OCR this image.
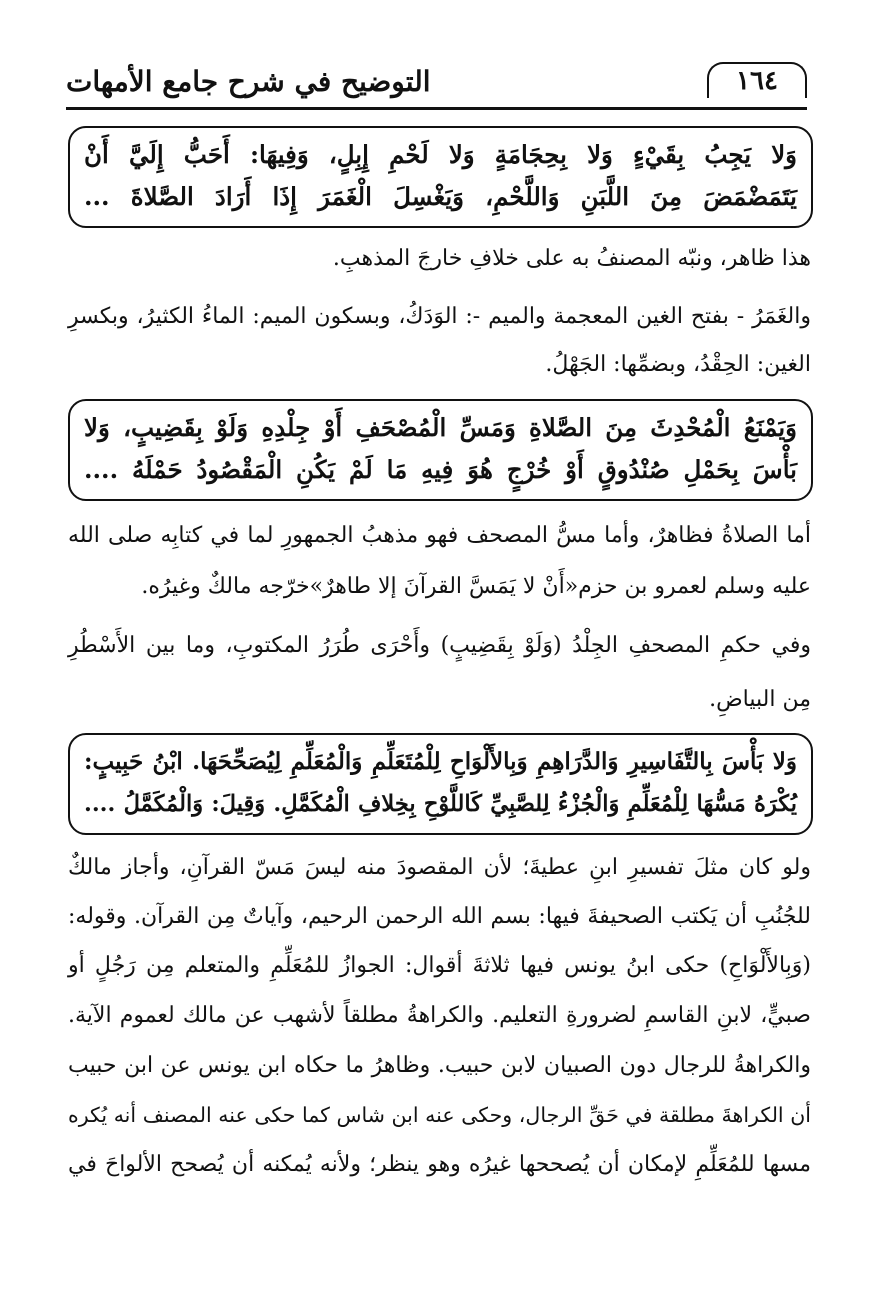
١٦٤
التوضيح في شرح جامع الأمهات

وَلا يَجِبُ بِقَيْءٍ وَلا بِحِجَامَةٍ وَلا لَحْمِ إِبِلٍ، وَفِيهَا: أَحَبُّ إِلَيَّ أَنْ

يَتَمَضْمَضَ مِنَ اللَّبَنِ وَاللَّحْمِ، وَيَغْسِلَ الْغَمَرَ إِذَا أَرَادَ الصَّلاةَ ...

هذا ظاهر، ونبّه المصنفُ به على خلافِ خارجَ المذهبِ.

والغَمَرُ - بفتح الغين المعجمة والميم -: الوَدَكُ، وبسكون الميم: الماءُ الكثيرُ، وبكسرِ

الغين: الحِقْدُ، وبضمِّها: الجَهْلُ.

وَيَمْنَعُ الْمُحْدِثَ مِنَ الصَّلاةِ وَمَسِّ الْمُصْحَفِ أَوْ جِلْدِهِ وَلَوْ بِقَضِيبٍ، وَلا

بَأْسَ بِحَمْلِ صُنْدُوقٍ أَوْ خُرْجٍ هُوَ فِيهِ مَا لَمْ يَكُنِ الْمَقْصُودُ حَمْلَهُ ....

أما الصلاةُ فظاهرٌ، وأما مسُّ المصحف فهو مذهبُ الجمهورِ لما في كتابِه صلى الله

عليه وسلم لعمرو بن حزم«أَنْ لا يَمَسَّ القرآنَ إلا طاهرٌ»خرّجه مالكٌ وغيرُه.

وفي حكمِ المصحفِ الجِلْدُ (وَلَوْ بِقَضِيبٍ) وأَحْرَى طُرَرُ المكتوبِ، وما بين الأَسْطُرِ

مِن البياضِ.

وَلا بَأْسَ بِالتَّفَاسِيرِ وَالدَّرَاهِمِ وَبِالأَلْوَاحِ لِلْمُتَعَلِّمِ وَالْمُعَلِّمِ لِيُصَحِّحَهَا. ابْنُ حَبِيبٍ:

يُكْرَهُ مَسُّهَا لِلْمُعَلِّمِ وَالْجُزْءُ لِلصَّبِيِّ كَاللَّوْحِ بِخِلافِ الْمُكَمَّلِ. وَقِيلَ: وَالْمُكَمَّلُ ....

ولو كان مثلَ تفسيرِ ابنِ عطيةَ؛ لأن المقصودَ منه ليسَ مَسّ القرآنِ، وأجاز مالكٌ

للجُنُبِ أن يَكتب الصحيفةَ فيها: بسم الله الرحمن الرحيم، وآياتٌ مِن القرآن. وقوله:

(وَبِالأَلْوَاحِ) حكى ابنُ يونس فيها ثلاثةَ أقوال: الجوازُ للمُعَلِّمِ والمتعلم مِن رَجُلٍ أو

صبيٍّ، لابنِ القاسمِ لضرورةِ التعليم. والكراهةُ مطلقاً لأشهب عن مالك لعموم الآية.

والكراهةُ للرجال دون الصبيان لابن حبيب. وظاهرُ ما حكاه ابن يونس عن ابن حبيب

أن الكراهةَ مطلقة في حَقِّ الرجال، وحكى عنه ابن شاس كما حكى عنه المصنف أنه يُكره

مسها للمُعَلِّمِ لإمكان أن يُصححها غيرُه وهو ينظر؛ ولأنه يُمكنه أن يُصحح الألواحَ في
